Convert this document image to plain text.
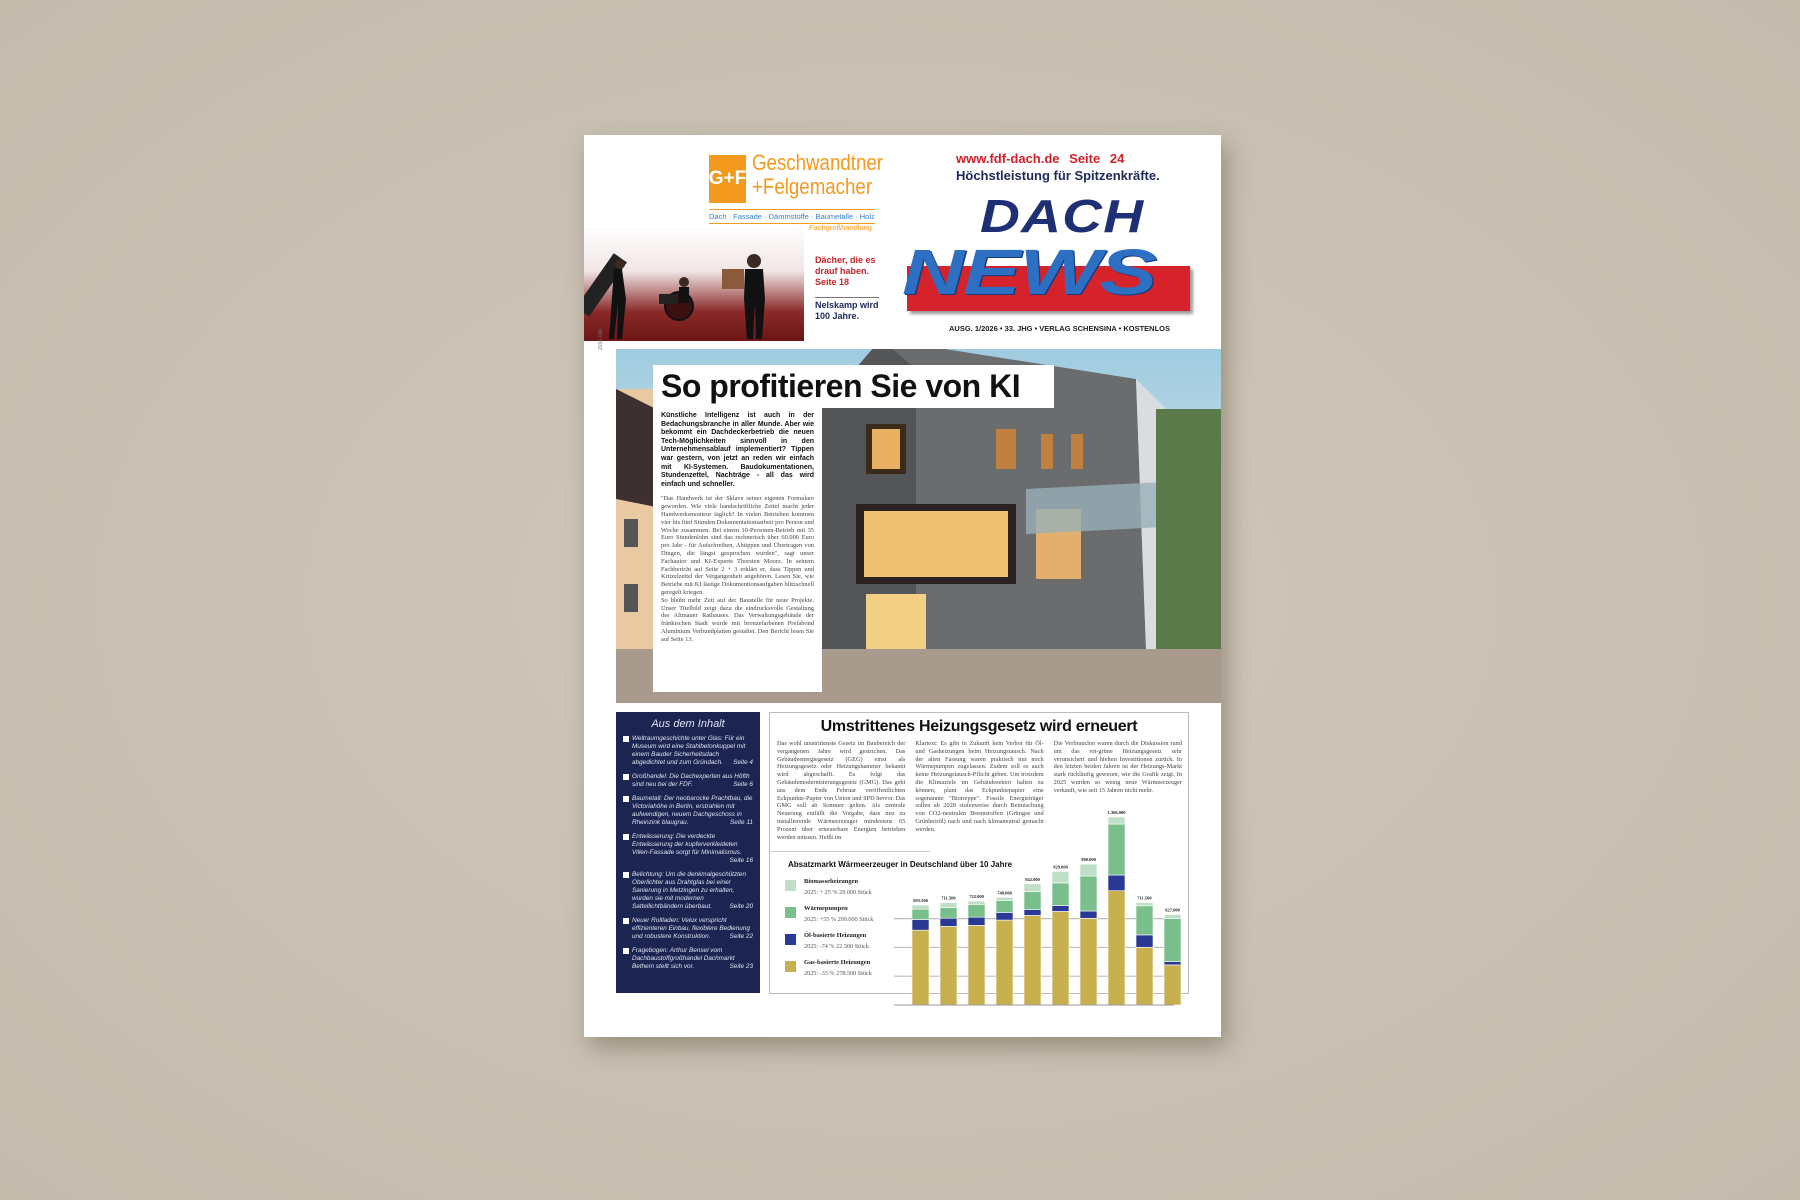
G+F
Geschwandtner
+Felgemacher
Dach · Fassade · Dämmstoffe · Baumetalle · Holz
Fachgroßhandlung
www.fdf-dach.de Seite 24
Höchstleistung für Spitzenkräfte.
DACH
NEWS
AUSG. 1/2026 • 33. JHG • VERLAG SCHENSINA • KOSTENLOS
Dächer, die es
drauf haben.
Seite 18
Nelskamp wird
100 Jahre.
2010·000
So profitieren Sie von KI
Künstliche Intelligenz ist auch in der Bedachungsbranche in aller Munde. Aber wie bekommt ein Dachdeckerbetrieb die neuen Tech-Möglichkeiten sinnvoll in den Unternehmensablauf implementiert? Tippen war gestern, von jetzt an reden wir einfach mit KI-Systemen. Baudokumentationen, Stundenzettel, Nachträge - all das wird einfach und schneller.

"Das Handwerk ist der Sklave seiner eigenen Formulare geworden. Wie viele handschriftliche Zettel macht jeder Handwerksmonteur täglich? In vielen Betrieben kommen vier bis fünf Stunden Dokumentationsarbeit pro Person und Woche zusammen. Bei einem 10-Personen-Betrieb mit 35 Euro Stundenlohn sind das rechnerisch über 60.000 Euro pro Jahr - für Aufschreiben, Abtippen und Übertragen von Dingen, die längst gesprochen wurden", sagt unser Fachautor und KI-Experte Thorsten Moorz. In seinem Fachbericht auf Seite 2 + 3 erklärt er, dass Tippen und Kritzelzettel der Vergangenheit angehören. Lesen Sie, wie Betriebe mit KI lästige Dokumentionsaufgaben blitzschnell geregelt kriegen.

So bleibt mehr Zeit auf der Baustelle für neue Projekte. Unser Titelbild zeigt dazu die eindrucksvolle Gestaltung des Altmauer Rathauses. Das Verwaltungsgebäude der fränkischen Stadt wurde mit bronzefarbenen Prefabond Aluminium Verbundplatten gestaltet. Den Bericht lesen Sie auf Seite 13.

Aus dem Inhalt
Weltraumgeschichte unter Glas: Für ein Museum wird eine Stahlbetonkuppel mit einem Bauder Sicherheitsdach abgedichtet und zum Gründach. Seite 4
Großhandel: Die Dachexperten aus Höfth sind neu bei der FDF.	Seite 6
Baumetall: Der neobarocke Prachtbau, die Victoriahöhe in Berlin, erstrahlen mit aufwendigen, neuem Dachgeschoss in Rheinzink blaugrau.	Seite 11
Entwässerung: Die verdeckte Entwässerung der kupferverkleideten Villen-Fassade sorgt für Minimalismus.
Seite 16
Belichtung: Um die denkmalgeschützten Oberlichter aus Drahtglas bei einer Sanierung in Metzingen zu erhalten, wurden sie mit modernen Sattellichtbändern überbaut.	Seite 20
Neuer Rollladen: Velux verspricht effizienteren Einbau, flexiblere Bedienung und robustere Konstruktion.	Seite 22
Fragebogen: Arthur Bensel vom Dachbaustoffgroßhandel Dachmarkt Bethem stellt sich vor.	Seite 23
Umstrittenes Heizungsgesetz wird erneuert
Das wohl umstrittenste Gesetz im Baubereich der vergangenen Jahre wird gestrichen. Das Gebäudeenergiegesetz (GEG) einst als Heizungsgesetz oder Heizungshammer bekannt wird abgeschafft. Es folgt das Gebäudemodernisierungsgesetz (GMG). Das geht aus dem Ende Februar veröffentlichten Eckpunkte-Papier von Union und SPD hervor. Das GMG soll ab Sommer gelten. Als zentrale Neuerung entfällt die Vorgabe, dass neu zu installierende Wärmeerzeuger mindestens 65 Prozent über erneuerbare Energien betrieben werden müssen. Heißt im
Klartext: Es gibt in Zukunft kein Verbot für Öl- und Gasheizungen beim Heizungstausch. Nach der alten Fassung waren praktisch nur noch Wärmepumpen zugelassen. Zudem soll es auch keine Heizungstausch-Pflicht geben. Um trotzdem die Klimaziele im Gebäudesektor halten zu können, plant das Eckpunktepapier eine sogenannte "Biotreppe". Fossile Energieträger sollen ab 2028 stufenweise durch Beimischung von CO2-neutralen Brennstoffen (Grüngas und Grünheizöl) nach und nach klimaneutral gemacht werden.
Die Verbraucher waren durch die Diskussion rund um das rot-grüne Heizungsgesetz sehr verunsichert und hielten Investitionen zurück. In den letzten beiden Jahren ist der Heizungs-Markt stark rückläufig gewesen, wie die Grafik zeigt. In 2025 wurden so wenig neue Wärmeerzeuger verkauft, wie seit 15 Jahren nicht mehr.
Absatzmarkt Wärmeerzeuger in Deutschland über 10 Jahre
Biomasseheizungen
2025: + 25 % 29.000 Stück
Wärmepumpen
2025: +55 % 299.000 Stück
Öl-basierte Heizungen
2025: -74 % 22.500 Stück
Gas-basierte Heizungen
2025: -33 % 278.500 Stück
693.500	711.500	722.000
748.000
842.000
929.000
980.000
1.306.000
711.500
627.000
